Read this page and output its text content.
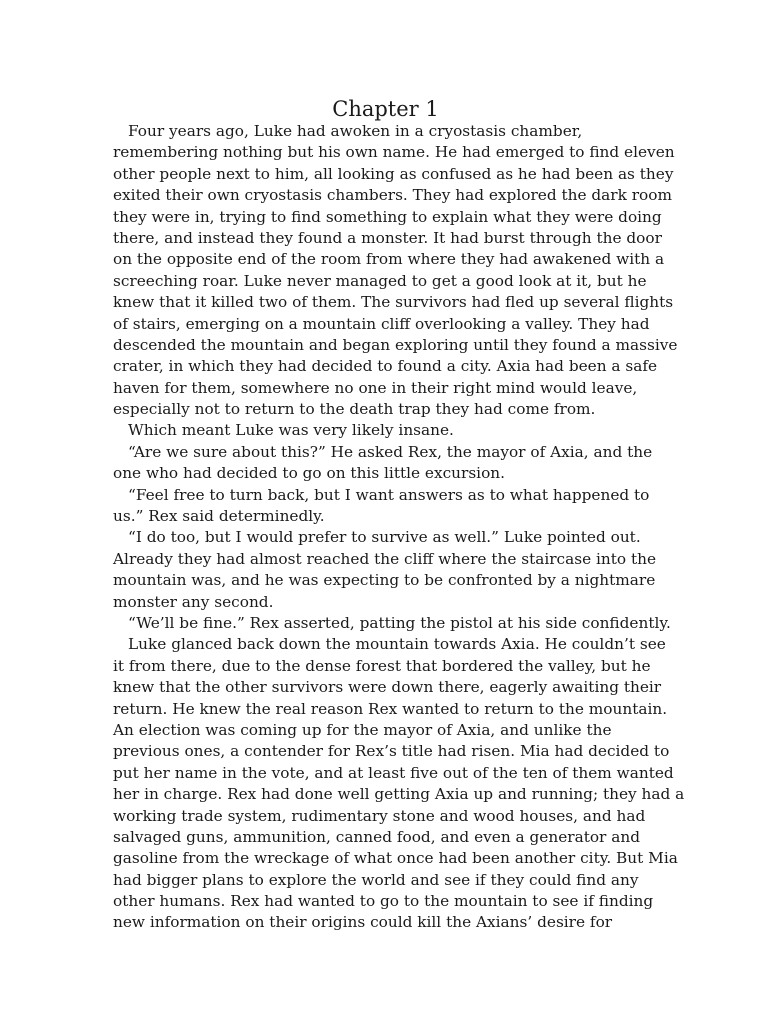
Chapter 1
Four years ago, Luke had awoken in a cryostasis chamber,
remembering nothing but his own name. He had emerged to find eleven
other people next to him, all looking as confused as he had been as they
exited their own cryostasis chambers. They had explored the dark room
they were in, trying to find something to explain what they were doing
there, and instead they found a monster. It had burst through the door
on the opposite end of the room from where they had awakened with a
screeching roar. Luke never managed to get a good look at it, but he
knew that it killed two of them. The survivors had fled up several flights
of stairs, emerging on a mountain cliff overlooking a valley. They had
descended the mountain and began exploring until they found a massive
crater, in which they had decided to found a city. Axia had been a safe
haven for them, somewhere no one in their right mind would leave,
especially not to return to the death trap they had come from.
Which meant Luke was very likely insane.
“Are we sure about this?” He asked Rex, the mayor of Axia, and the
one who had decided to go on this little excursion.
“Feel free to turn back, but I want answers as to what happened to
us.” Rex said determinedly.
“I do too, but I would prefer to survive as well.” Luke pointed out.
Already they had almost reached the cliff where the staircase into the
mountain was, and he was expecting to be confronted by a nightmare
monster any second.
“We’ll be fine.” Rex asserted, patting the pistol at his side confidently.
Luke glanced back down the mountain towards Axia. He couldn’t see
it from there, due to the dense forest that bordered the valley, but he
knew that the other survivors were down there, eagerly awaiting their
return. He knew the real reason Rex wanted to return to the mountain.
An election was coming up for the mayor of Axia, and unlike the
previous ones, a contender for Rex’s title had risen. Mia had decided to
put her name in the vote, and at least five out of the ten of them wanted
her in charge. Rex had done well getting Axia up and running; they had a
working trade system, rudimentary stone and wood houses, and had
salvaged guns, ammunition, canned food, and even a generator and
gasoline from the wreckage of what once had been another city. But Mia
had bigger plans to explore the world and see if they could find any
other humans. Rex had wanted to go to the mountain to see if finding
new information on their origins could kill the Axians’ desire for
